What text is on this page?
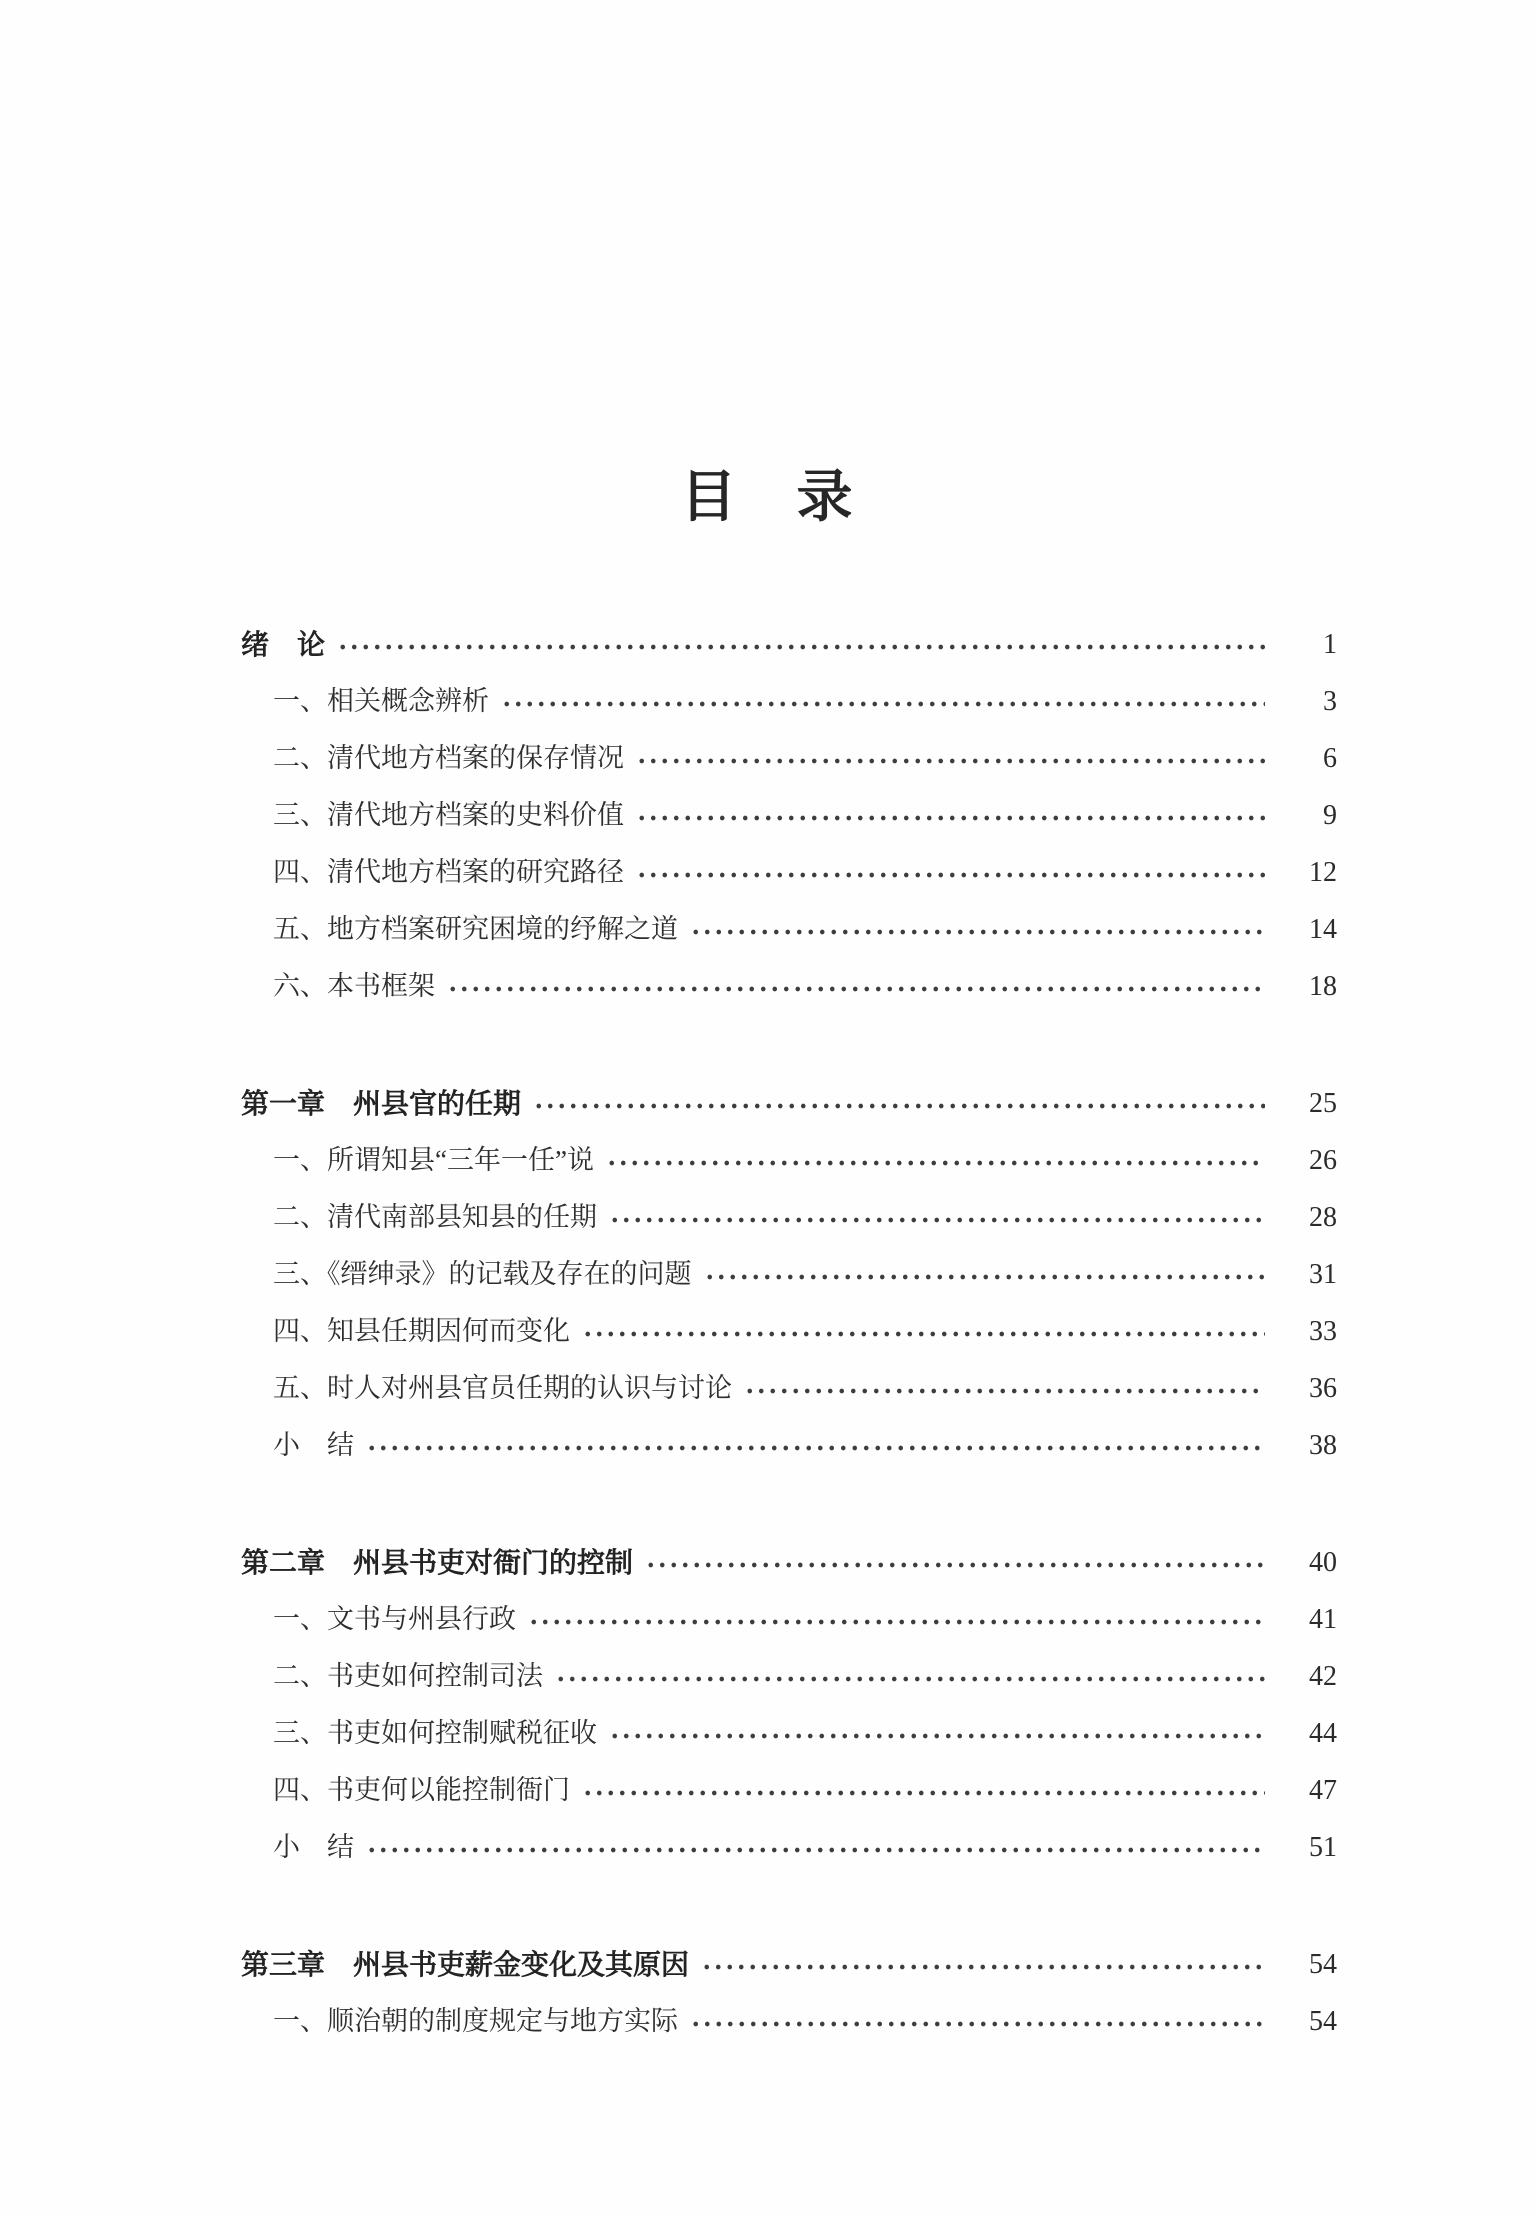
目　录
绪　论	1
一、相关概念辨析	3
二、清代地方档案的保存情况	6
三、清代地方档案的史料价值	9
四、清代地方档案的研究路径	12
五、地方档案研究困境的纾解之道	14
六、本书框架	18
第一章　州县官的任期	25
一、所谓知县“三年一任”说	26
二、清代南部县知县的任期	28
三、《缙绅录》的记载及存在的问题	31
四、知县任期因何而变化	33
五、时人对州县官员任期的认识与讨论	36
小　结	38
第二章　州县书吏对衙门的控制	40
一、文书与州县行政	41
二、书吏如何控制司法	42
三、书吏如何控制赋税征收	44
四、书吏何以能控制衙门	47
小　结	51
第三章　州县书吏薪金变化及其原因	54
一、顺治朝的制度规定与地方实际	54
